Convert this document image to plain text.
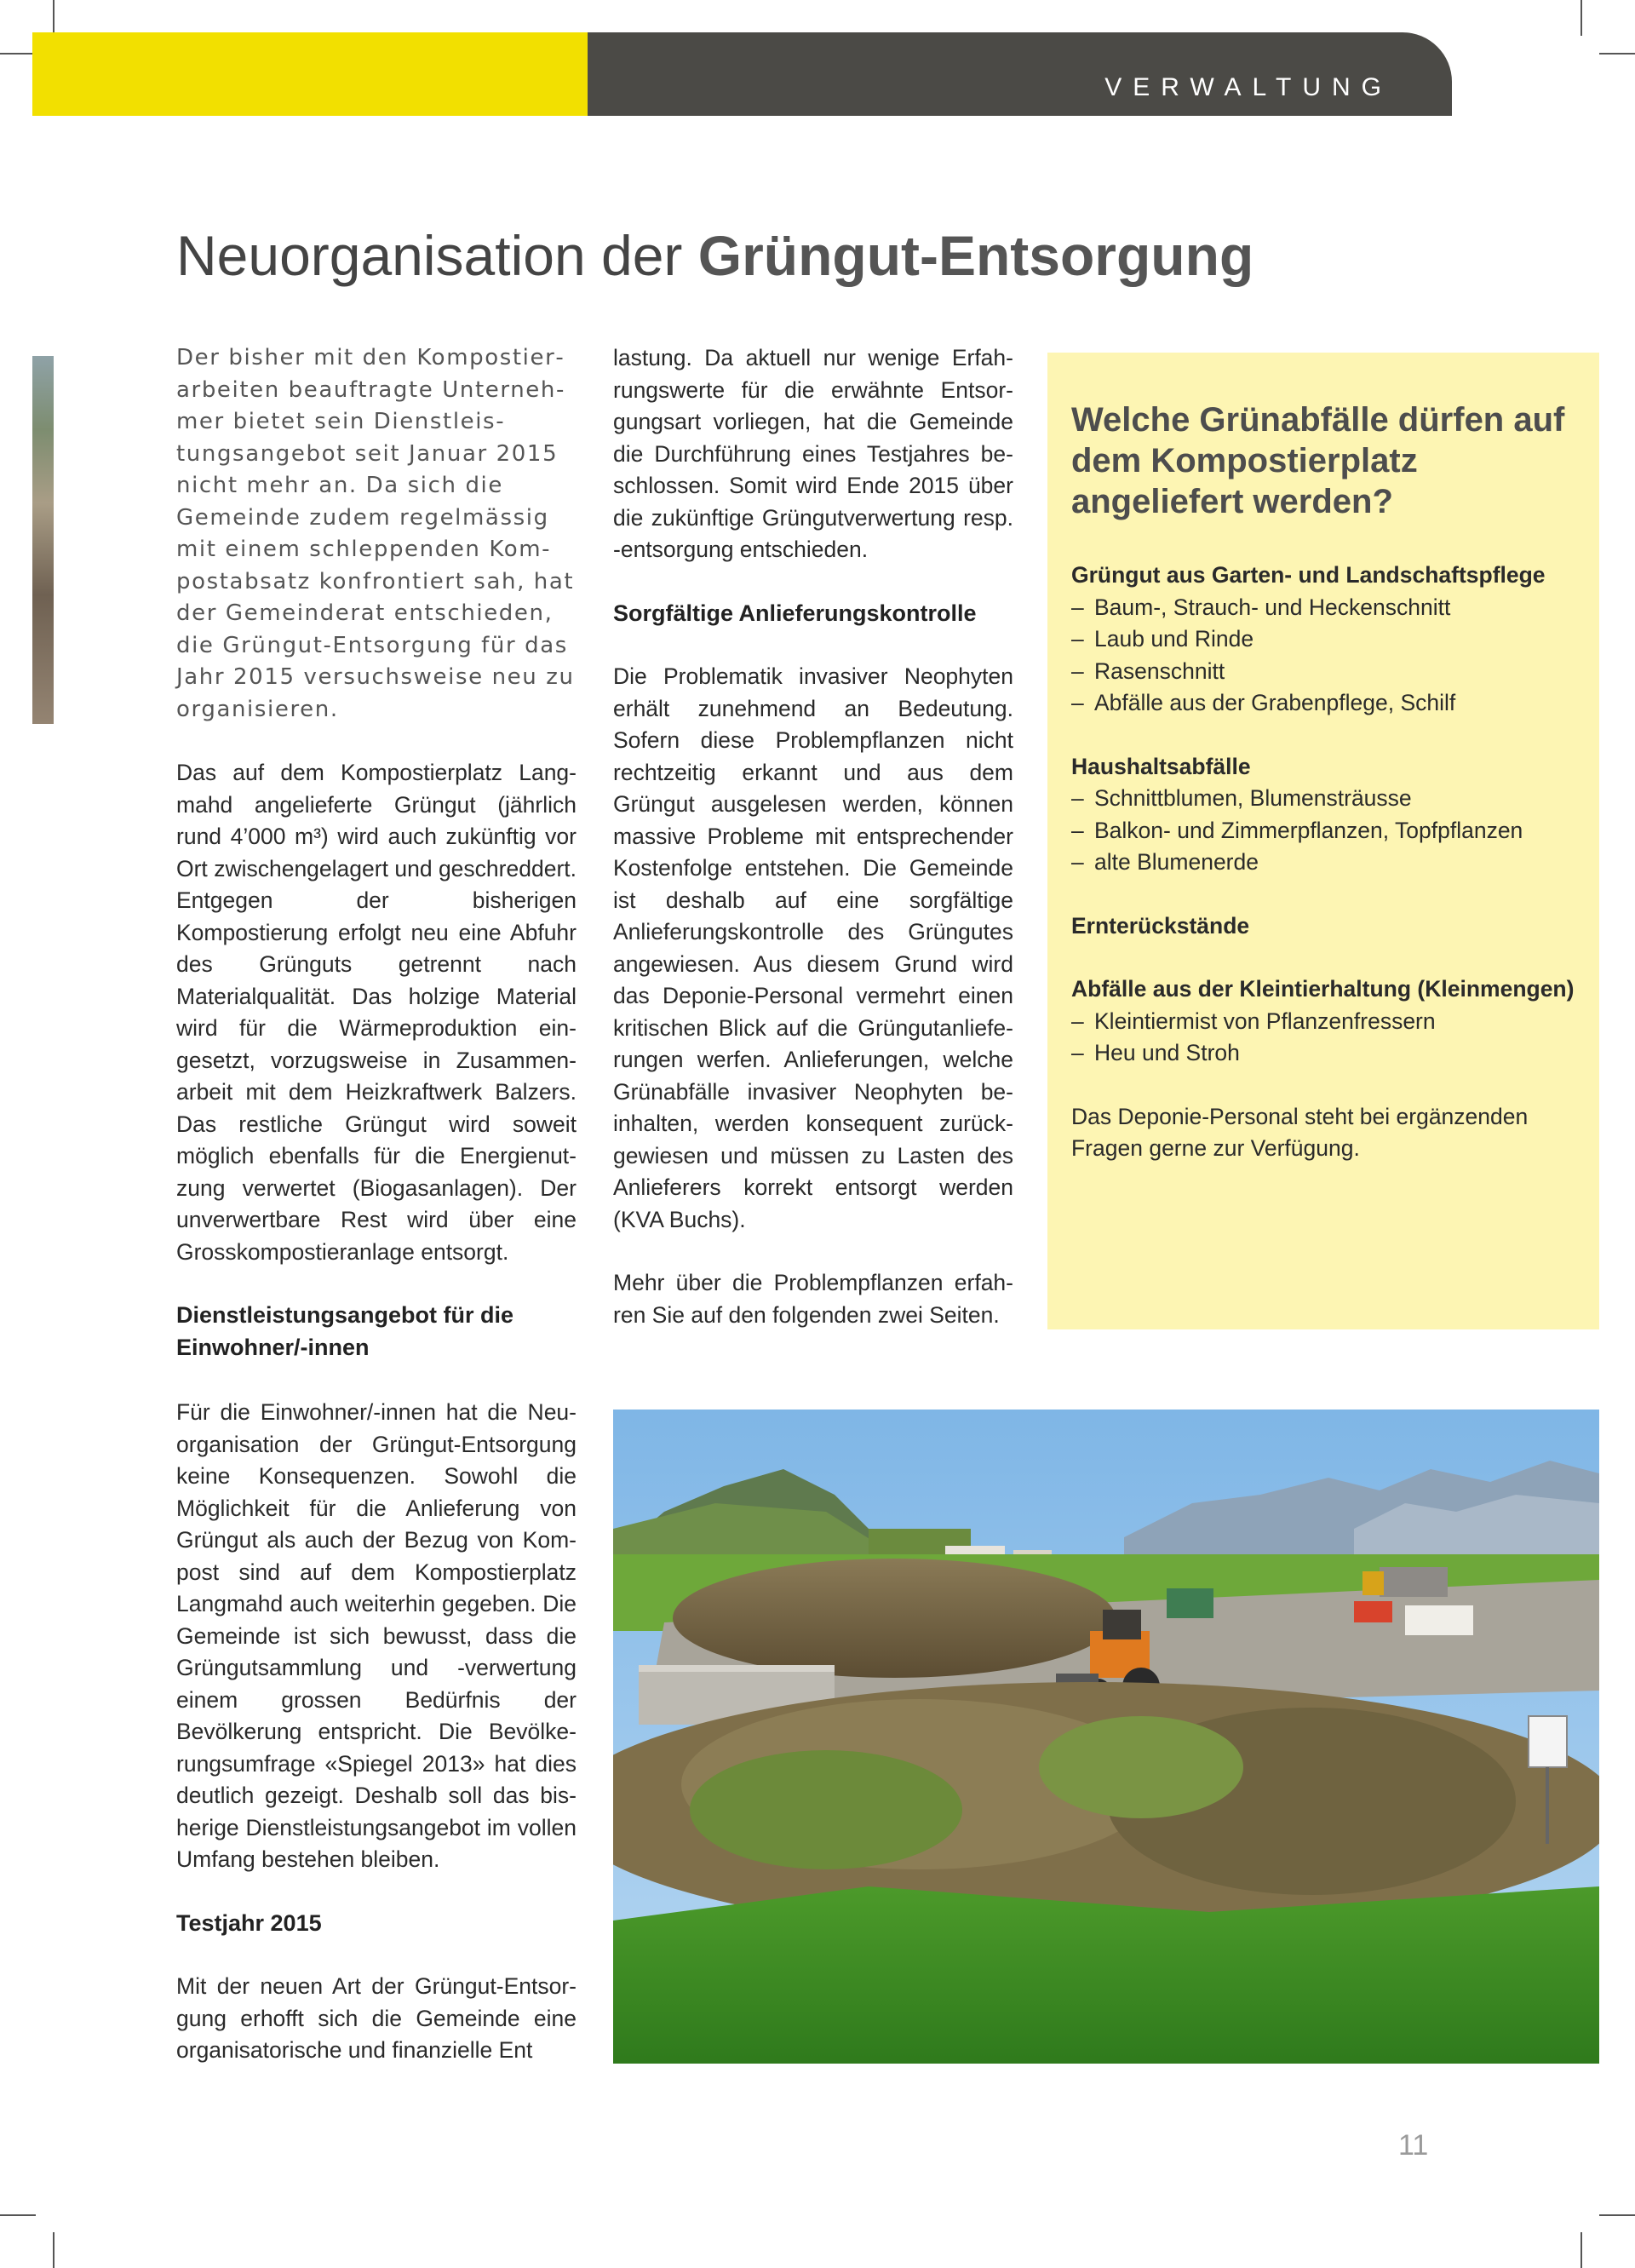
VERWALTUNG
Neuorganisation der Grüngut-Entsorgung

Der bisher mit den Kompostierarbeiten beauftragte Unternehmer bietet sein Dienstleistungsangebot seit Januar 2015 nicht mehr an. Da sich die Gemeinde zudem regelmässig mit einem schleppenden Kompostabsatz konfrontiert sah, hat der Gemeinderat entschieden, die Grüngut-Entsorgung für das Jahr 2015 versuchsweise neu zu organisieren.

Das auf dem Kompostierplatz Langmahd angelieferte Grüngut (jährlich rund 4’000 m³) wird auch zukünftig vor Ort zwischengelagert und geschreddert. Entgegen der bisherigen Kompostierung erfolgt neu eine Abfuhr des Grünguts getrennt nach Materialqualität. Das holzige Material wird für die Wärmeproduktion eingesetzt, vorzugsweise in Zusammenarbeit mit dem Heizkraftwerk Balzers. Das restliche Grüngut wird soweit möglich ebenfalls für die Energienutzung verwertet (Biogasanlagen). Der unverwertbare Rest wird über eine Grosskompostieranlage entsorgt.

Dienstleistungsangebot für die Einwohner/-innen

Für die Einwohner/-innen hat die Neuorganisation der Grüngut-Entsorgung keine Konsequenzen. Sowohl die Möglichkeit für die Anlieferung von Grüngut als auch der Bezug von Kompost sind auf dem Kompostierplatz Langmahd auch weiterhin gegeben. Die Gemeinde ist sich bewusst, dass die Grüngutsammlung und -verwertung einem grossen Bedürfnis der Bevölkerung entspricht. Die Bevölkerungsumfrage «Spiegel 2013» hat dies deutlich gezeigt. Deshalb soll das bisherige Dienstleistungsangebot im vollen Umfang bestehen bleiben.

Testjahr 2015

Mit der neuen Art der Grüngut-Entsorgung erhofft sich die Gemeinde eine organisatorische und finanzielle Ent

lastung. Da aktuell nur wenige Erfahrungswerte für die erwähnte Entsorgungsart vorliegen, hat die Gemeinde die Durchführung eines Testjahres beschlossen. Somit wird Ende 2015 über die zukünftige Grüngutverwertung resp. -entsorgung entschieden.

Sorgfältige Anlieferungskontrolle

Die Problematik invasiver Neophyten erhält zunehmend an Bedeutung. Sofern diese Problempflanzen nicht rechtzeitig erkannt und aus dem Grüngut ausgelesen werden, können massive Probleme mit entsprechender Kostenfolge entstehen. Die Gemeinde ist deshalb auf eine sorgfältige Anlieferungskontrolle des Grüngutes angewiesen. Aus diesem Grund wird das Deponie-Personal vermehrt einen kritischen Blick auf die Grüngutanlieferungen werfen. Anlieferungen, welche Grünabfälle invasiver Neophyten beinhalten, werden konsequent zurückgewiesen und müssen zu Lasten des Anlieferers korrekt entsorgt werden (KVA Buchs).

Mehr über die Problempflanzen erfahren Sie auf den folgenden zwei Seiten.

Welche Grünabfälle dürfen auf dem Kompostierplatz angeliefert werden?

Grüngut aus Garten- und Landschaftspflege

– Baum-, Strauch- und Heckenschnitt
– Laub und Rinde
– Rasenschnitt
– Abfälle aus der Grabenpflege, Schilf

Haushaltsabfälle

– Schnittblumen, Blumensträusse
– Balkon- und Zimmerpflanzen, Topfpflanzen
– alte Blumenerde

Ernterückstände

Abfälle aus der Kleintierhaltung (Kleinmengen)

– Kleintiermist von Pflanzenfressern
– Heu und Stroh

Das Deponie-Personal steht bei ergänzenden Fragen gerne zur Verfügung.

11
